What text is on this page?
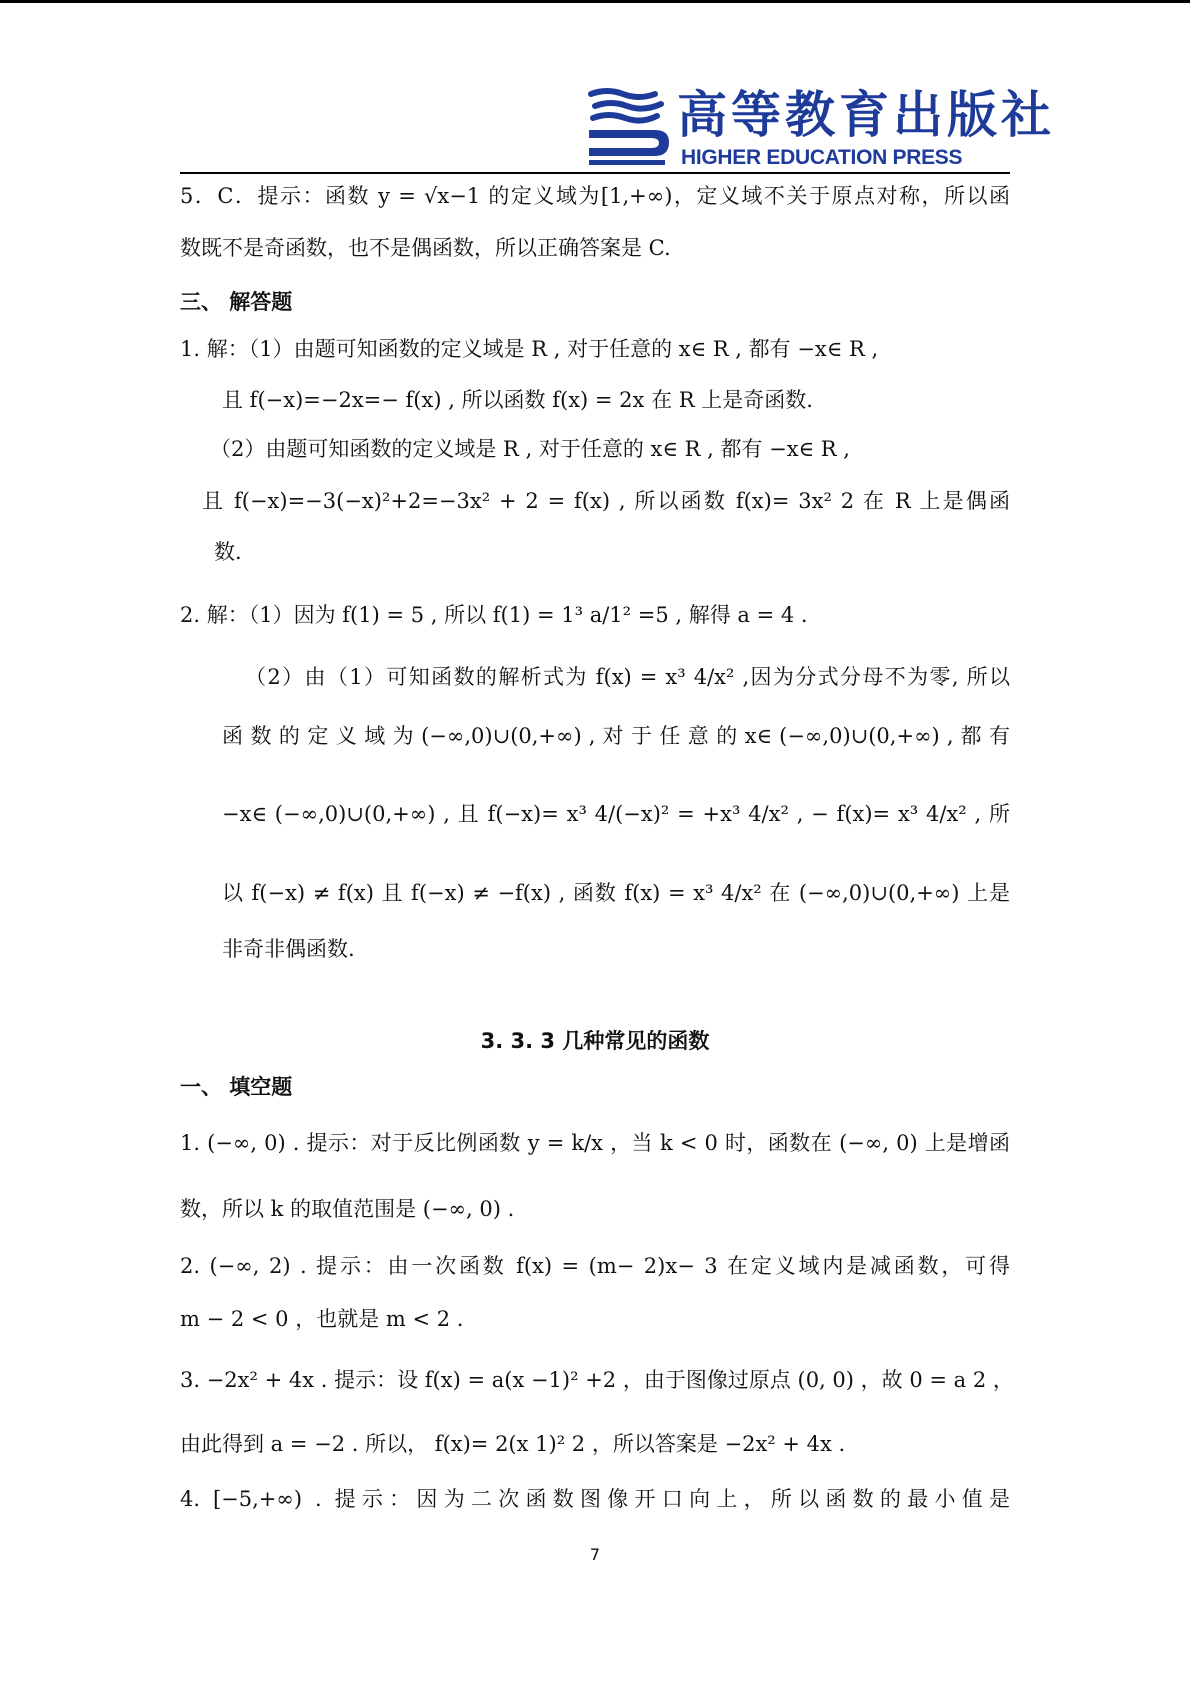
高等教育出版社
HIGHER EDUCATION PRESS
5．C．提示：函数 y = √x−1 的定义域为[1,+∞)，定义域不关于原点对称，所以函
数既不是奇函数，也不是偶函数，所以正确答案是 C.
三、 解答题
1. 解：（1）由题可知函数的定义域是 R , 对于任意的 x∈ R , 都有 −x∈ R ,
且 f(−x)=−2x=− f(x) , 所以函数 f(x) = 2x 在 R 上是奇函数.
（2）由题可知函数的定义域是 R , 对于任意的 x∈ R , 都有 −x∈ R ,
且 f(−x)=−3(−x)²+2=−3x² + 2 = f(x) , 所以函数 f(x)= 3x² 2 在 R 上是偶函
数.
2. 解：（1）因为 f(1) = 5 , 所以 f(1) = 1³ a/1² =5 , 解得 a = 4 .
（2）由（1）可知函数的解析式为 f(x) = x³ 4/x² ,因为分式分母不为零, 所以
函 数 的 定 义 域 为 (−∞,0)∪(0,+∞) , 对 于 任 意 的 x∈ (−∞,0)∪(0,+∞) , 都 有
−x∈ (−∞,0)∪(0,+∞) , 且 f(−x)= x³ 4/(−x)² = +x³ 4/x² , − f(x)= x³ 4/x² , 所
以 f(−x) ≠ f(x) 且 f(−x) ≠ −f(x) , 函数 f(x) = x³ 4/x² 在 (−∞,0)∪(0,+∞) 上是
非奇非偶函数.
3. 3. 3 几种常见的函数
一、 填空题
1. (−∞, 0) . 提示：对于反比例函数 y = k/x ，当 k < 0 时，函数在 (−∞, 0) 上是增函
数，所以 k 的取值范围是 (−∞, 0) .
2. (−∞, 2) . 提示：由一次函数 f(x) = (m− 2)x− 3 在定义域内是减函数，可得
m − 2 < 0 ，也就是 m < 2 .
3. −2x² + 4x . 提示：设 f(x) = a(x −1)² +2 ，由于图像过原点 (0, 0) ，故 0 = a 2 ，
由此得到 a = −2 . 所以， f(x)= 2(x 1)² 2 ，所以答案是 −2x² + 4x .
4. [−5,+∞) . 提示：因为二次函数图像开口向上，所以函数的最小值是
7
